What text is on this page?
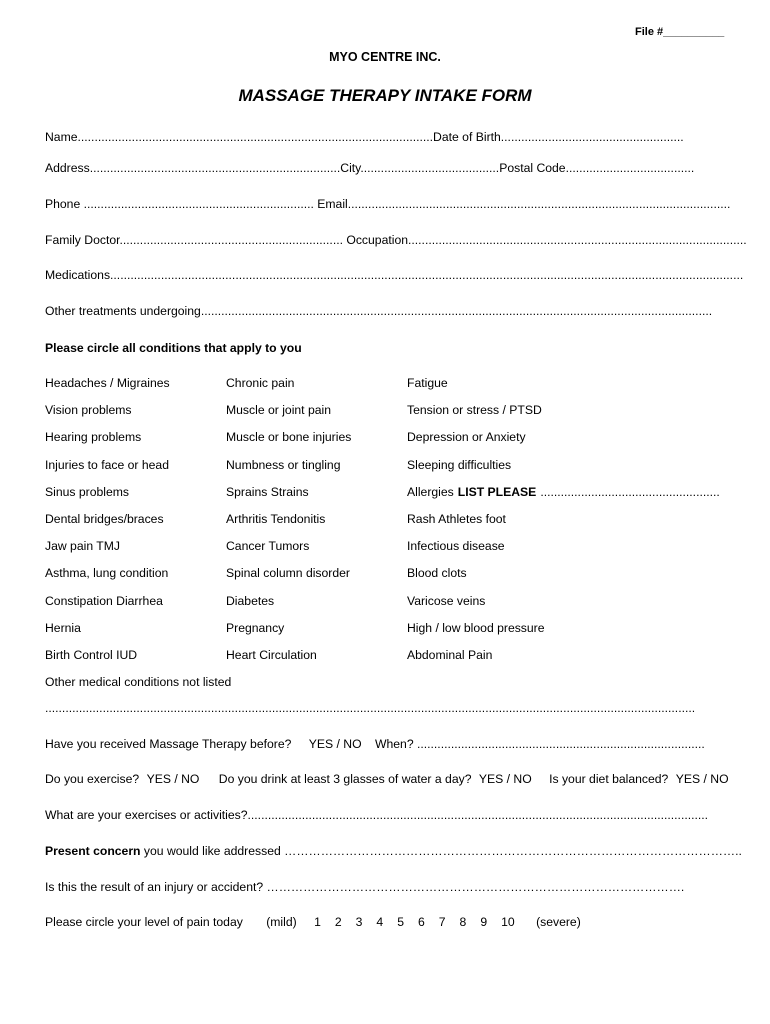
File #__________
MYO CENTRE INC.
MASSAGE THERAPY INTAKE FORM
Name.........................................................................................................Date of Birth......................................................
Address..........................................................................City.........................................Postal Code......................................
Phone .................................................................... Email.................................................................................................................
Family Doctor.................................................................. Occupation....................................................................................................
Medications...........................................................................................................................................................................................
Other treatments undergoing.......................................................................................................................................................
Please circle all conditions that apply to you
Headaches / Migraines	Chronic pain	Fatigue
Vision problems	Muscle or joint pain	Tension or stress / PTSD
Hearing problems	Muscle or bone injuries	Depression or Anxiety
Injuries to face or head	Numbness or tingling	Sleeping difficulties
Sinus problems	Sprains Strains	Allergies LIST PLEASE .....................................................
Dental bridges/braces	Arthritis Tendonitis	Rash Athletes foot
Jaw pain TMJ	Cancer Tumors	Infectious disease
Asthma, lung condition	Spinal column disorder	Blood clots
Constipation Diarrhea	Diabetes	Varicose veins
Hernia	Pregnancy	High / low blood pressure
Birth Control IUD	Heart Circulation	Abdominal Pain
Other medical conditions not listed
................................................................................................................................................................................................
Have you received Massage Therapy before? YES / NO When? .....................................................................................
Do you exercise? YES / NO Do you drink at least 3 glasses of water a day? YES / NO Is your diet balanced? YES / NO
What are your exercises or activities?........................................................................................................................................
Present concern you would like addressed …………………………………………………………………………………………………..
Is this the result of an injury or accident? ………………………………………………………………………………………….
Please circle your level of pain today (mild) 1 2 3 4 5 6 7 8 9 10 (severe)
